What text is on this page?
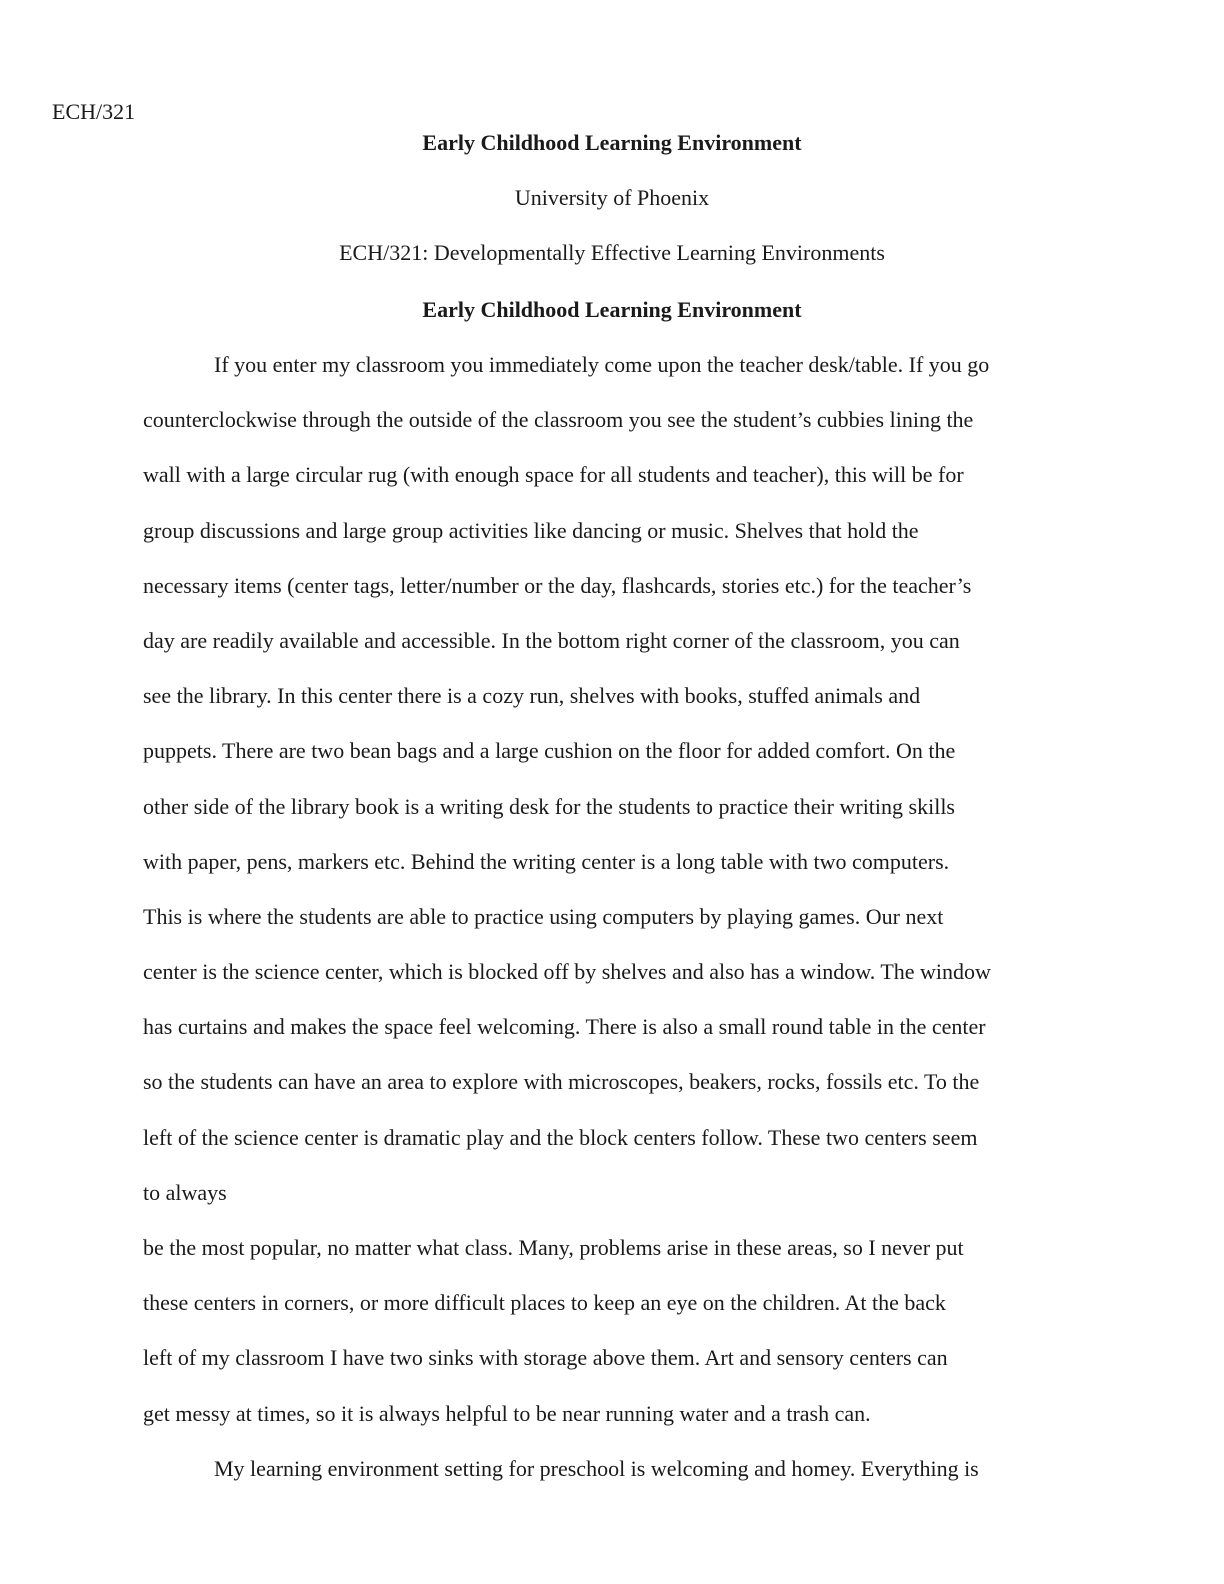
ECH/321
Early Childhood Learning Environment
University of Phoenix
ECH/321: Developmentally Effective Learning Environments
Early Childhood Learning Environment
If you enter my classroom you immediately come upon the teacher desk/table. If you go
counterclockwise through the outside of the classroom you see the student’s cubbies lining the
wall with a large circular rug (with enough space for all students and teacher), this will be for
group discussions and large group activities like dancing or music. Shelves that hold the
necessary items (center tags, letter/number or the day, flashcards, stories etc.) for the teacher’s
day are readily available and accessible. In the bottom right corner of the classroom, you can
see the library. In this center there is a cozy run, shelves with books, stuffed animals and
puppets. There are two bean bags and a large cushion on the floor for added comfort. On the
other side of the library book is a writing desk for the students to practice their writing skills
with paper, pens, markers etc. Behind the writing center is a long table with two computers.
This is where the students are able to practice using computers by playing games. Our next
center is the science center, which is blocked off by shelves and also has a window. The window
has curtains and makes the space feel welcoming. There is also a small round table in the center
so the students can have an area to explore with microscopes, beakers, rocks, fossils etc. To the
left of the science center is dramatic play and the block centers follow. These two centers seem
to always
be the most popular, no matter what class. Many, problems arise in these areas, so I never put
these centers in corners, or more difficult places to keep an eye on the children. At the back
left of my classroom I have two sinks with storage above them. Art and sensory centers can
get messy at times, so it is always helpful to be near running water and a trash can.
My learning environment setting for preschool is welcoming and homey. Everything is
